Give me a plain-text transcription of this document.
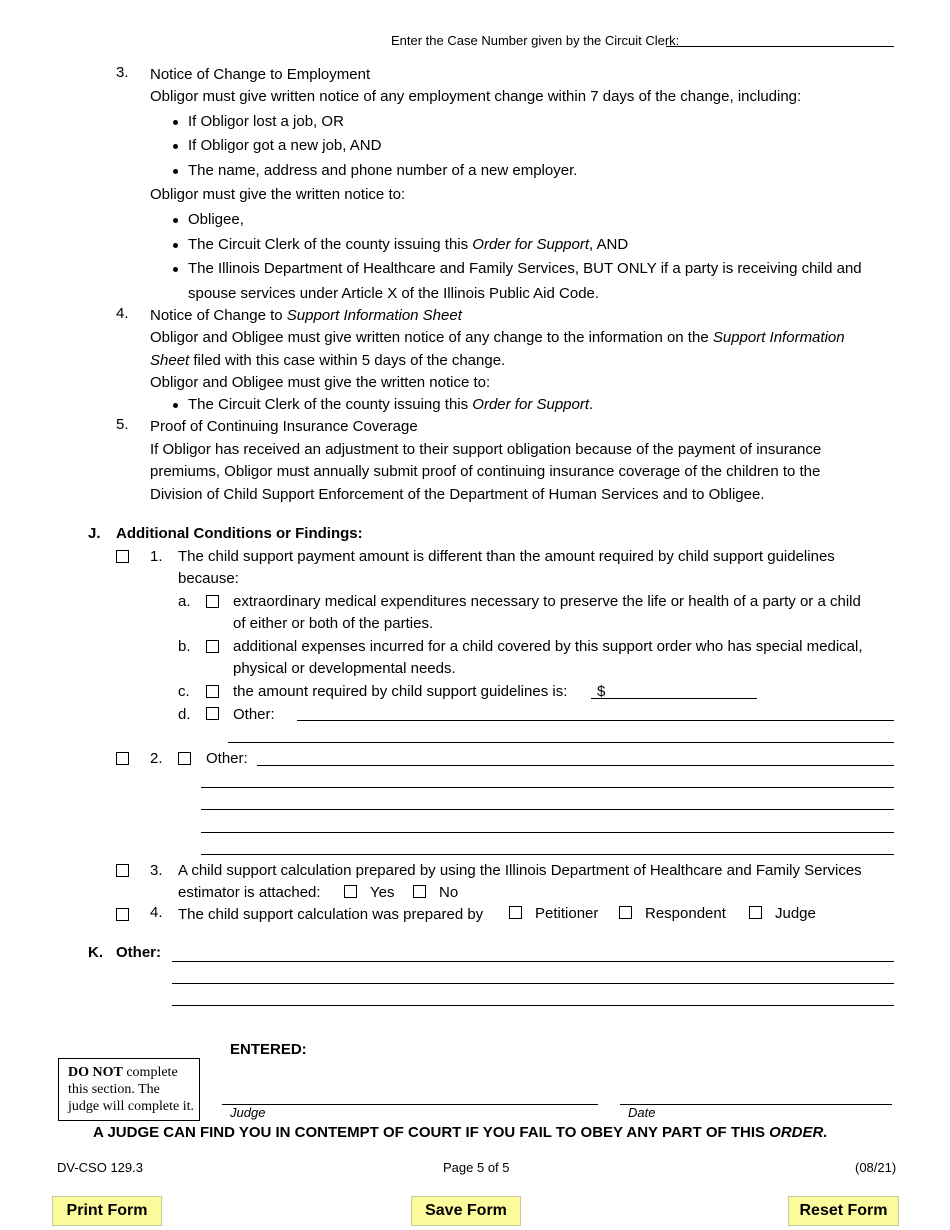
Enter the Case Number given by the Circuit Clerk:
3. Notice of Change to Employment
Obligor must give written notice of any employment change within 7 days of the change, including:
If Obligor lost a job, OR
If Obligor got a new job, AND
The name, address and phone number of a new employer.
Obligor must give the written notice to:
Obligee,
The Circuit Clerk of the county issuing this Order for Support, AND
The Illinois Department of Healthcare and Family Services, BUT ONLY if a party is receiving child and
spouse services under Article X of the Illinois Public Aid Code.
4. Notice of Change to Support Information Sheet
Obligor and Obligee must give written notice of any change to the information on the Support Information
Sheet filed with this case within 5 days of the change.
Obligor and Obligee must give the written notice to:
The Circuit Clerk of the county issuing this Order for Support.
5. Proof of Continuing Insurance Coverage
If Obligor has received an adjustment to their support obligation because of the payment of insurance
premiums, Obligor must annually submit proof of continuing insurance coverage of the children to the
Division of Child Support Enforcement of the Department of Human Services and to Obligee.
J. Additional Conditions or Findings:
1. The child support payment amount is different than the amount required by child support guidelines
because:
a.	extraordinary medical expenditures necessary to preserve the life or health of a party or a child
of either or both of the parties.
b.	additional expenses incurred for a child covered by this support order who has special medical,
physical or developmental needs.
c.	the amount required by child support guidelines is: $
d.	Other:
2.	Other:
3. A child support calculation prepared by using the Illinois Department of Healthcare and Family Services
estimator is attached:	Yes	No
4. The child support calculation was prepared by	Petitioner	Respondent	Judge
K. Other:
ENTERED:
DO NOT complete
this section. The
judge will complete it.	Judge	Date
A JUDGE CAN FIND YOU IN CONTEMPT OF COURT IF YOU FAIL TO OBEY ANY PART OF THIS ORDER.
DV-CSO 129.3	Page 5 of 5	(08/21)
Print Form	Save Form	Reset Form
